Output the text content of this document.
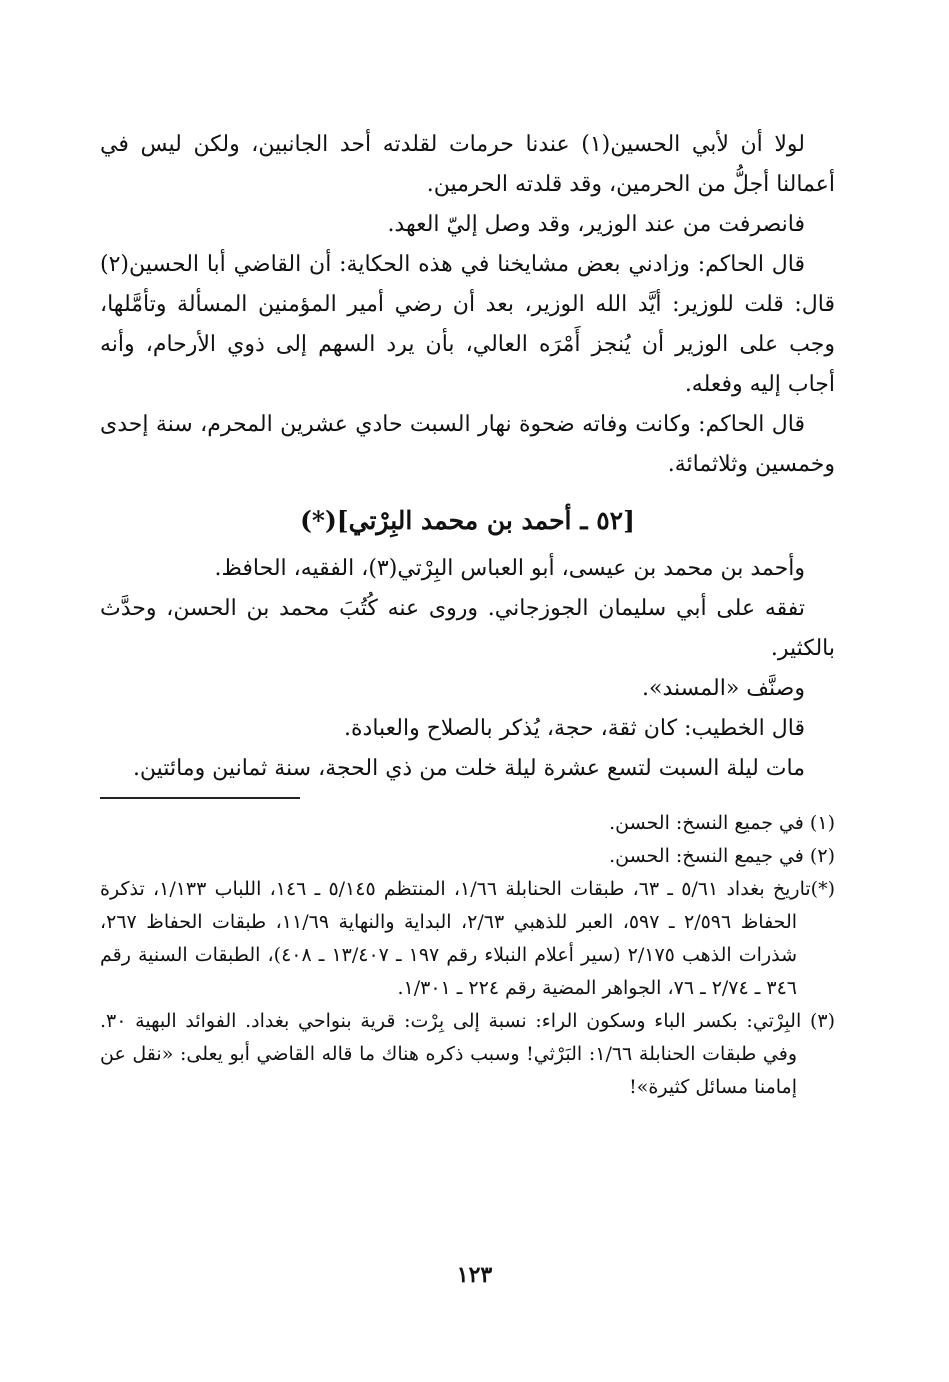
لولا أن لأبي الحسين(١) عندنا حرمات لقلدته أحد الجانبين، ولكن ليس في أعمالنا أجلُّ من الحرمين، وقد قلدته الحرمين.

فانصرفت من عند الوزير، وقد وصل إليّ العهد.

قال الحاكم: وزادني بعض مشايخنا في هذه الحكاية: أن القاضي أبا الحسين(٢) قال: قلت للوزير: أيَّد الله الوزير، بعد أن رضي أمير المؤمنين المسألة وتأمَّلها، وجب على الوزير أن يُنجز أَمْرَه العالي، بأن يرد السهم إلى ذوي الأرحام، وأنه أجاب إليه وفعله.

قال الحاكم: وكانت وفاته ضحوة نهار السبت حادي عشرين المحرم، سنة إحدى وخمسين وثلاثمائة.

[٥٢ ـ أحمد بن محمد البِرْتي](*)

وأحمد بن محمد بن عيسى، أبو العباس البِرْتي(٣)، الفقيه، الحافظ.

تفقه على أبي سليمان الجوزجاني. وروى عنه كُتُبَ محمد بن الحسن، وحدَّث بالكثير.

وصنَّف «المسند».

قال الخطيب: كان ثقة، حجة، يُذكر بالصلاح والعبادة.

مات ليلة السبت لتسع عشرة ليلة خلت من ذي الحجة، سنة ثمانين ومائتين.

(١) في جميع النسخ: الحسن.

(٢) في جيمع النسخ: الحسن.

(*)تاريخ بغداد ٥/٦١ ـ ٦٣، طبقات الحنابلة ١/٦٦، المنتظم ٥/١٤٥ ـ ١٤٦، اللباب ١/١٣٣، تذكرة الحفاظ ٢/٥٩٦ ـ ٥٩٧، العبر للذهبي ٢/٦٣، البداية والنهاية ١١/٦٩، طبقات الحفاظ ٢٦٧، شذرات الذهب ٢/١٧٥ (سير أعلام النبلاء رقم ١٩٧ ـ ١٣/٤٠٧ ـ ٤٠٨)، الطبقات السنية رقم ٣٤٦ ـ ٢/٧٤ ـ ٧٦، الجواهر المضية رقم ٢٢٤ ـ ١/٣٠١.

(٣) البِرْتي: بكسر الباء وسكون الراء: نسبة إلى بِرْت: قرية بنواحي بغداد. الفوائد البهية ٣٠. وفي طبقات الحنابلة ١/٦٦: البَرْثي! وسبب ذكره هناك ما قاله القاضي أبو يعلى: «نقل عن إمامنا مسائل كثيرة»!

١٢٣
